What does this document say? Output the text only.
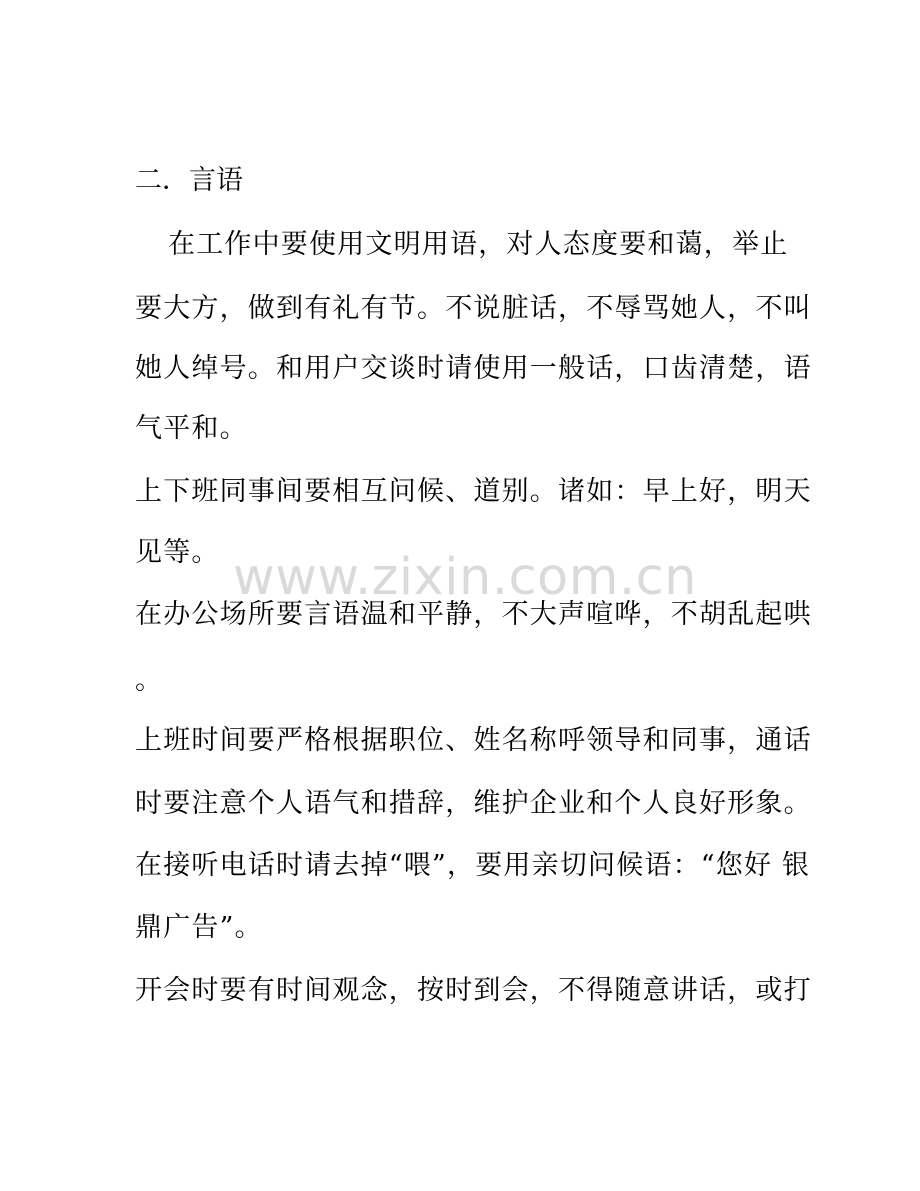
二．言语
在工作中要使用文明用语，对人态度要和蔼，举止
要大方，做到有礼有节。不说脏话，不辱骂她人，不叫
她人绰号。和用户交谈时请使用一般话，口齿清楚，语
气平和。
上下班同事间要相互问候、道别。诸如：早上好，明天
见等。
在办公场所要言语温和平静，不大声喧哗，不胡乱起哄
。
上班时间要严格根据职位、姓名称呼领导和同事，通话
时要注意个人语气和措辞，维护企业和个人良好形象。
在接听电话时请去掉“喂”，要用亲切问候语：“您好 银
鼎广告”。
开会时要有时间观念，按时到会，不得随意讲话，或打
www.zixin.com.cn
